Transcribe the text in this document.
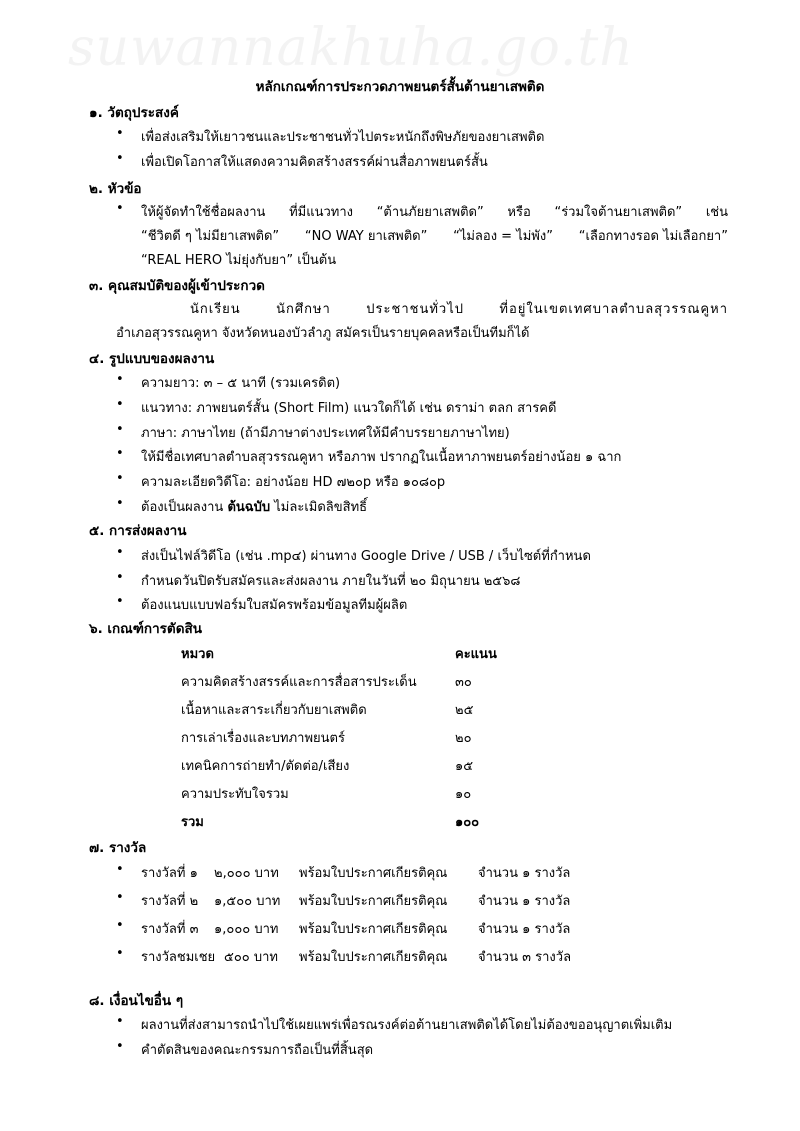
suwannakhuha.go.th
หลักเกณฑ์การประกวดภาพยนตร์สั้นต้านยาเสพติด
๑. วัตถุประสงค์
• เพื่อส่งเสริมให้เยาวชนและประชาชนทั่วไปตระหนักถึงพิษภัยของยาเสพติด
• เพื่อเปิดโอกาสให้แสดงความคิดสร้างสรรค์ผ่านสื่อภาพยนตร์สั้น
๒. หัวข้อ
• ให้ผู้จัดทำใช้ชื่อผลงาน ที่มีแนวทาง “ต้านภัยยาเสพติด” หรือ “ร่วมใจต้านยาเสพติด” เช่น
“ชีวิตดี ๆ ไม่มียาเสพติด” “NO WAY ยาเสพติด” “ไม่ลอง = ไม่พัง” “เลือกทางรอด ไม่เลือกยา”
“REAL HERO ไม่ยุ่งกับยา” เป็นต้น
๓. คุณสมบัติของผู้เข้าประกวด
นักเรียน	นักศึกษา	ประชาชนทั่วไป	ที่อยู่ในเขตเทศบาลตำบลสุวรรณคูหา
อำเภอสุวรรณคูหา จังหวัดหนองบัวลำภู สมัครเป็นรายบุคคลหรือเป็นทีมก็ได้
๔. รูปแบบของผลงาน
• ความยาว: ๓ – ๕ นาที (รวมเครดิต)
• แนวทาง: ภาพยนตร์สั้น (Short Film) แนวใดก็ได้ เช่น ดราม่า ตลก สารคดี
• ภาษา: ภาษาไทย (ถ้ามีภาษาต่างประเทศให้มีคำบรรยายภาษาไทย)
• ให้มีชื่อเทศบาลตำบลสุวรรณคูหา หรือภาพ ปรากฏในเนื้อหาภาพยนตร์อย่างน้อย ๑ ฉาก
• ความละเอียดวิดีโอ: อย่างน้อย HD ๗๒๐p หรือ ๑๐๘๐p
• ต้องเป็นผลงาน ต้นฉบับ ไม่ละเมิดลิขสิทธิ์
๕. การส่งผลงาน
• ส่งเป็นไฟล์วิดีโอ (เช่น .mp๔) ผ่านทาง Google Drive / USB / เว็บไซต์ที่กำหนด
• กำหนดวันปิดรับสมัครและส่งผลงาน ภายในวันที่ ๒๐ มิถุนายน ๒๕๖๘
• ต้องแนบแบบฟอร์มใบสมัครพร้อมข้อมูลทีมผู้ผลิต
๖. เกณฑ์การตัดสิน
หมวด	คะแนน
ความคิดสร้างสรรค์และการสื่อสารประเด็น	๓๐
เนื้อหาและสาระเกี่ยวกับยาเสพติด	๒๕
การเล่าเรื่องและบทภาพยนตร์	๒๐
เทคนิคการถ่ายทำ/ตัดต่อ/เสียง	๑๕
ความประทับใจรวม	๑๐
รวม	๑๐๐
๗. รางวัล
• รางวัลที่ ๑ ๒,๐๐๐ บาท พร้อมใบประกาศเกียรติคุณ จำนวน ๑ รางวัล
• รางวัลที่ ๒ ๑,๕๐๐ บาท พร้อมใบประกาศเกียรติคุณ จำนวน ๑ รางวัล
• รางวัลที่ ๓ ๑,๐๐๐ บาท พร้อมใบประกาศเกียรติคุณ จำนวน ๑ รางวัล
• รางวัลชมเชย ๕๐๐ บาท พร้อมใบประกาศเกียรติคุณ จำนวน ๓ รางวัล
๘. เงื่อนไขอื่น ๆ
• ผลงานที่ส่งสามารถนำไปใช้เผยแพร่เพื่อรณรงค์ต่อต้านยาเสพติดได้โดยไม่ต้องขออนุญาตเพิ่มเติม
• คำตัดสินของคณะกรรมการถือเป็นที่สิ้นสุด
